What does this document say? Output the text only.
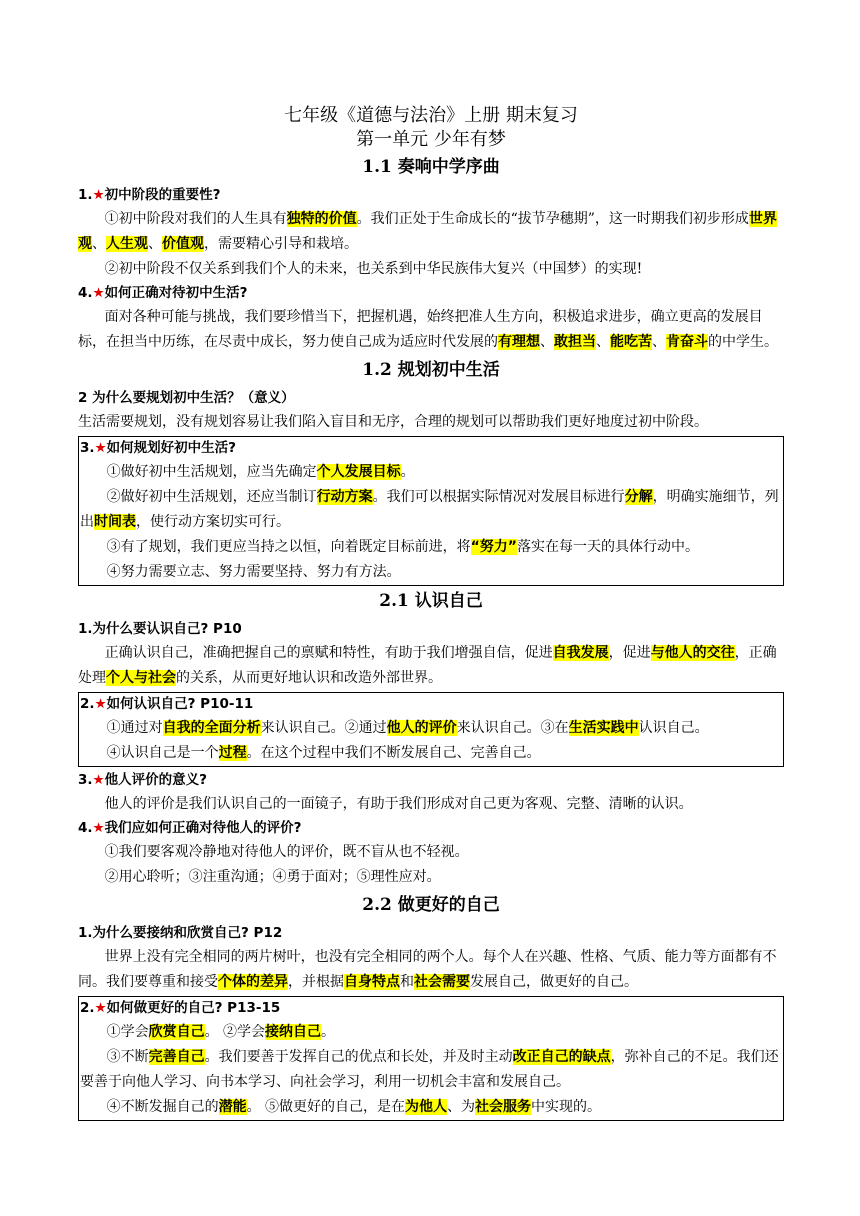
七年级《道德与法治》上册 期末复习
第一单元 少年有梦
1.1 奏响中学序曲
1.★初中阶段的重要性?
①初中阶段对我们的人生具有独特的价值。我们正处于生命成长的“拔节孕穗期”，这一时期我们初步形成世界观、人生观、价值观，需要精心引导和栽培。
②初中阶段不仅关系到我们个人的未来，也关系到中华民族伟大复兴（中国梦）的实现!
4.★如何正确对待初中生活?
面对各种可能与挑战，我们要珍惜当下，把握机遇，始终把准人生方向，积极追求进步，确立更高的发展目标，在担当中历练，在尽责中成长，努力使自己成为适应时代发展的有理想、敢担当、能吃苦、肯奋斗的中学生。
1.2 规划初中生活
2 为什么要规划初中生活？（意义）
生活需要规划，没有规划容易让我们陷入盲目和无序，合理的规划可以帮助我们更好地度过初中阶段。
3.★如何规划好初中生活?
①做好初中生活规划，应当先确定个人发展目标。
②做好初中生活规划，还应当制订行动方案。我们可以根据实际情况对发展目标进行分解，明确实施细节，列出时间表，使行动方案切实可行。
③有了规划，我们更应当持之以恒，向着既定目标前进，将“努力”落实在每一天的具体行动中。
④努力需要立志、努力需要坚持、努力有方法。
2.1 认识自己
1.为什么要认识自己? P10
正确认识自己，准确把握自己的禀赋和特性，有助于我们增强自信，促进自我发展，促进与他人的交往，正确处理个人与社会的关系，从而更好地认识和改造外部世界。
2.★如何认识自己? P10-11
①通过对自我的全面分析来认识自己。②通过他人的评价来认识自己。③在生活实践中认识自己。
④认识自己是一个过程。在这个过程中我们不断发展自己、完善自己。
3.★他人评价的意义?
他人的评价是我们认识自己的一面镜子，有助于我们形成对自己更为客观、完整、清晰的认识。
4.★我们应如何正确对待他人的评价?
①我们要客观冷静地对待他人的评价，既不盲从也不轻视。
②用心聆听；③注重沟通；④勇于面对；⑤理性应对。
2.2 做更好的自己
1.为什么要接纳和欣赏自己? P12
世界上没有完全相同的两片树叶，也没有完全相同的两个人。每个人在兴趣、性格、气质、能力等方面都有不同。我们要尊重和接受个体的差异，并根据自身特点和社会需要发展自己，做更好的自己。
2.★如何做更好的自己? P13-15
①学会欣赏自己。 ②学会接纳自己。
③不断完善自己。我们要善于发挥自己的优点和长处，并及时主动改正自己的缺点，弥补自己的不足。我们还要善于向他人学习、向书本学习、向社会学习，利用一切机会丰富和发展自己。
④不断发掘自己的潜能。 ⑤做更好的自己，是在为他人、为社会服务中实现的。
